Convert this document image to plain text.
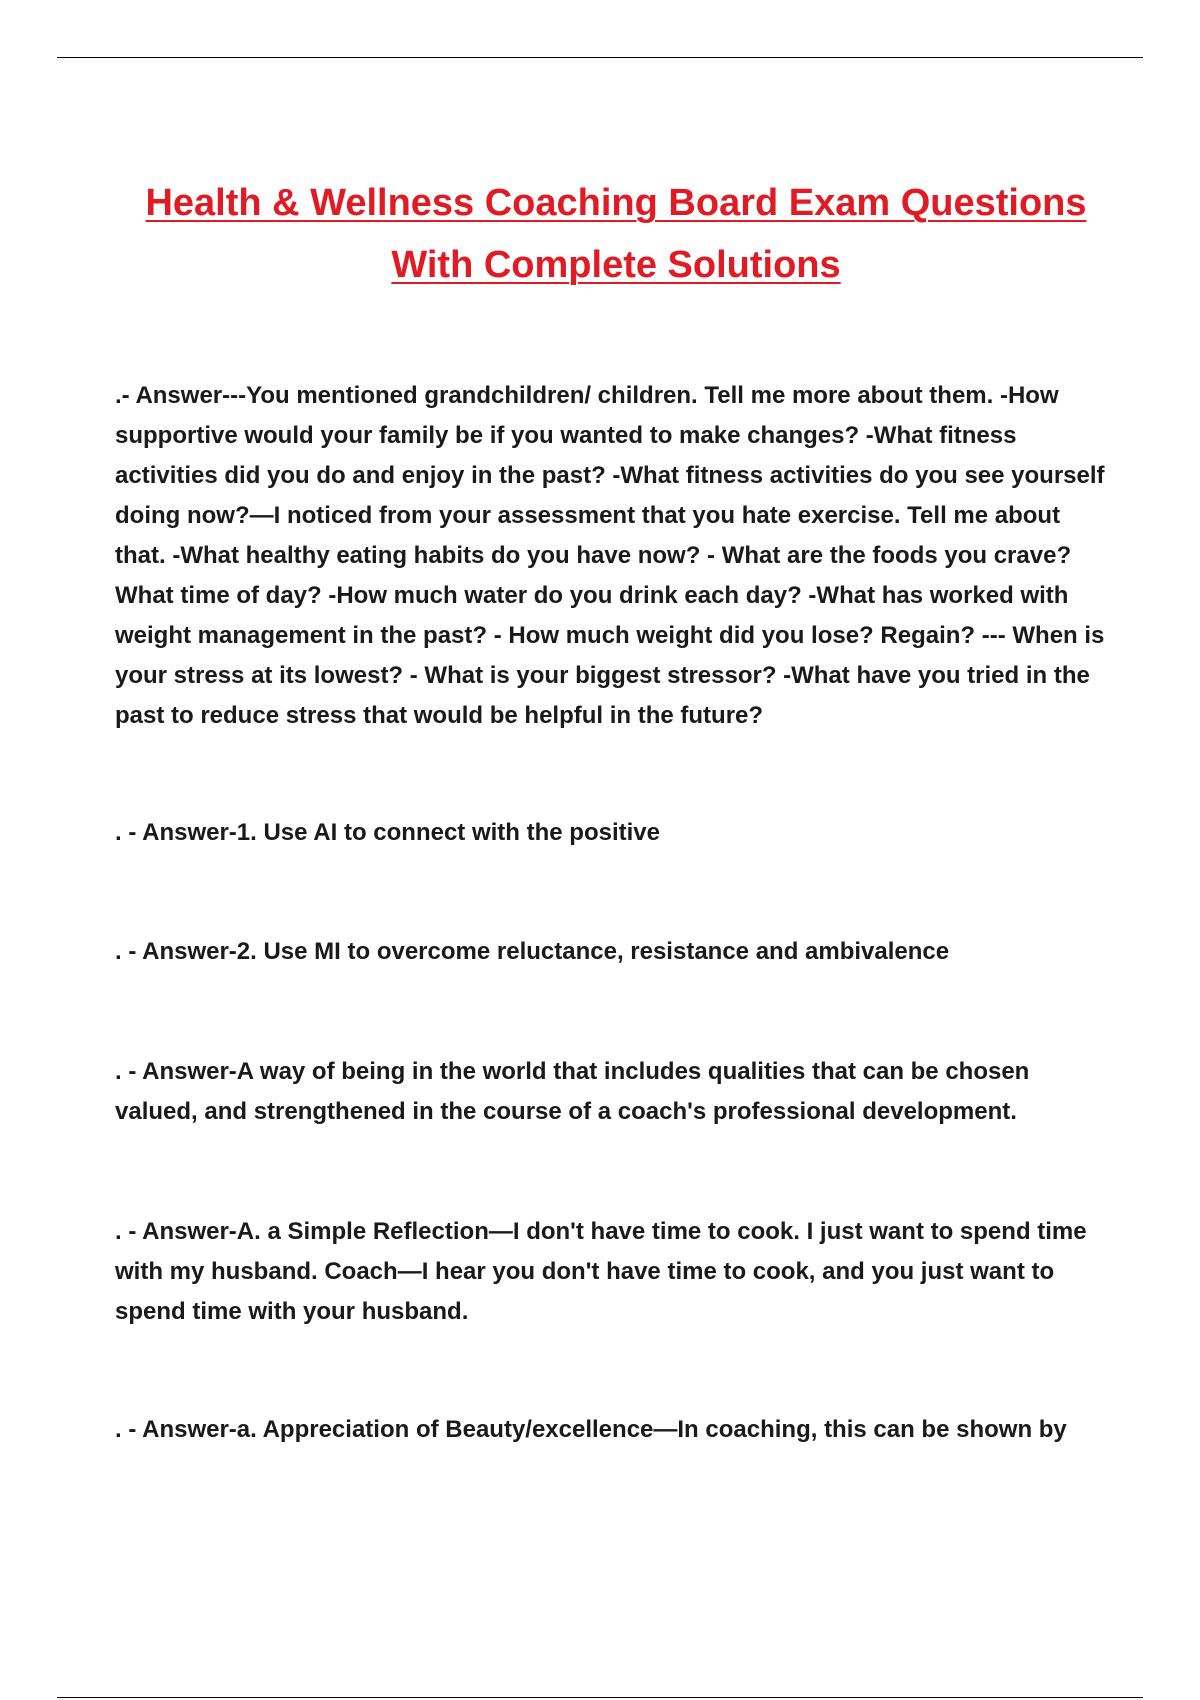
Health & Wellness Coaching Board Exam Questions
With Complete Solutions

.- Answer---You mentioned grandchildren/ children. Tell me more about them. -How supportive would your family be if you wanted to make changes? -What fitness activities did you do and enjoy in the past? -What fitness activities do you see yourself doing now?—I noticed from your assessment that you hate exercise. Tell me about that. -What healthy eating habits do you have now? - What are the foods you crave? What time of day? -How much water do you drink each day? -What has worked with weight management in the past? - How much weight did you lose? Regain? --- When is your stress at its lowest? - What is your biggest stressor? -What have you tried in the past to reduce stress that would be helpful in the future?

. - Answer-1. Use AI to connect with the positive

. - Answer-2. Use MI to overcome reluctance, resistance and ambivalence

. - Answer-A way of being in the world that includes qualities that can be chosen valued, and strengthened in the course of a coach's professional development.

. - Answer-A. a Simple Reflection—I don't have time to cook. I just want to spend time with my husband. Coach—I hear you don't have time to cook, and you just want to spend time with your husband.

. - Answer-a. Appreciation of Beauty/excellence—In coaching, this can be shown by
